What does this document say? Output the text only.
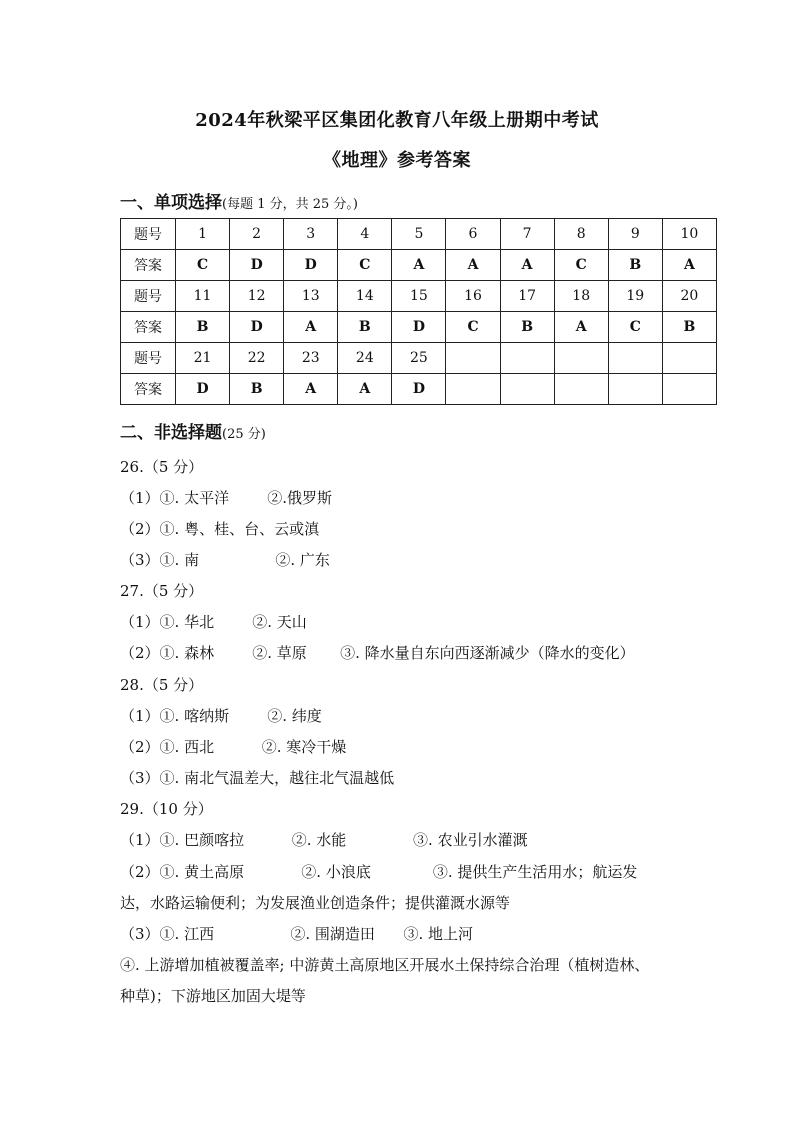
2024年秋梁平区集团化教育八年级上册期中考试
《地理》参考答案
一、单项选择(每题 1 分，共 25 分。)
题号	1	2	3	4	5	6	7	8	9	10
答案	C	D	D	C	A	A	A	C	B	A
题号	11	12	13	14	15	16	17	18	19	20
答案	B	D	A	B	D	C	B	A	C	B
题号	21	22	23	24	25					
答案	D	B	A	A	D					
二、非选择题(25 分)
26.（5 分）
（1）①. 太平洋        ②.俄罗斯
（2）①. 粤、桂、台、云或滇
（3）①. 南                ②. 广东
27.（5 分）
（1）①. 华北        ②. 天山
（2）①. 森林        ②. 草原       ③. 降水量自东向西逐渐减少（降水的变化）
28.（5 分）
（1）①. 喀纳斯        ②. 纬度
（2）①. 西北          ②. 寒冷干燥
（3）①. 南北气温差大，越往北气温越低
29.（10 分）
（1）①. 巴颜喀拉          ②. 水能              ③. 农业引水灌溉
（2）①. 黄土高原            ②. 小浪底             ③. 提供生产生活用水；航运发
达，水路运输便利；为发展渔业创造条件；提供灌溉水源等
（3）①. 江西                ②. 围湖造田      ③. 地上河
④. 上游增加植被覆盖率; 中游黄土高原地区开展水土保持综合治理（植树造林、
种草)；下游地区加固大堤等
